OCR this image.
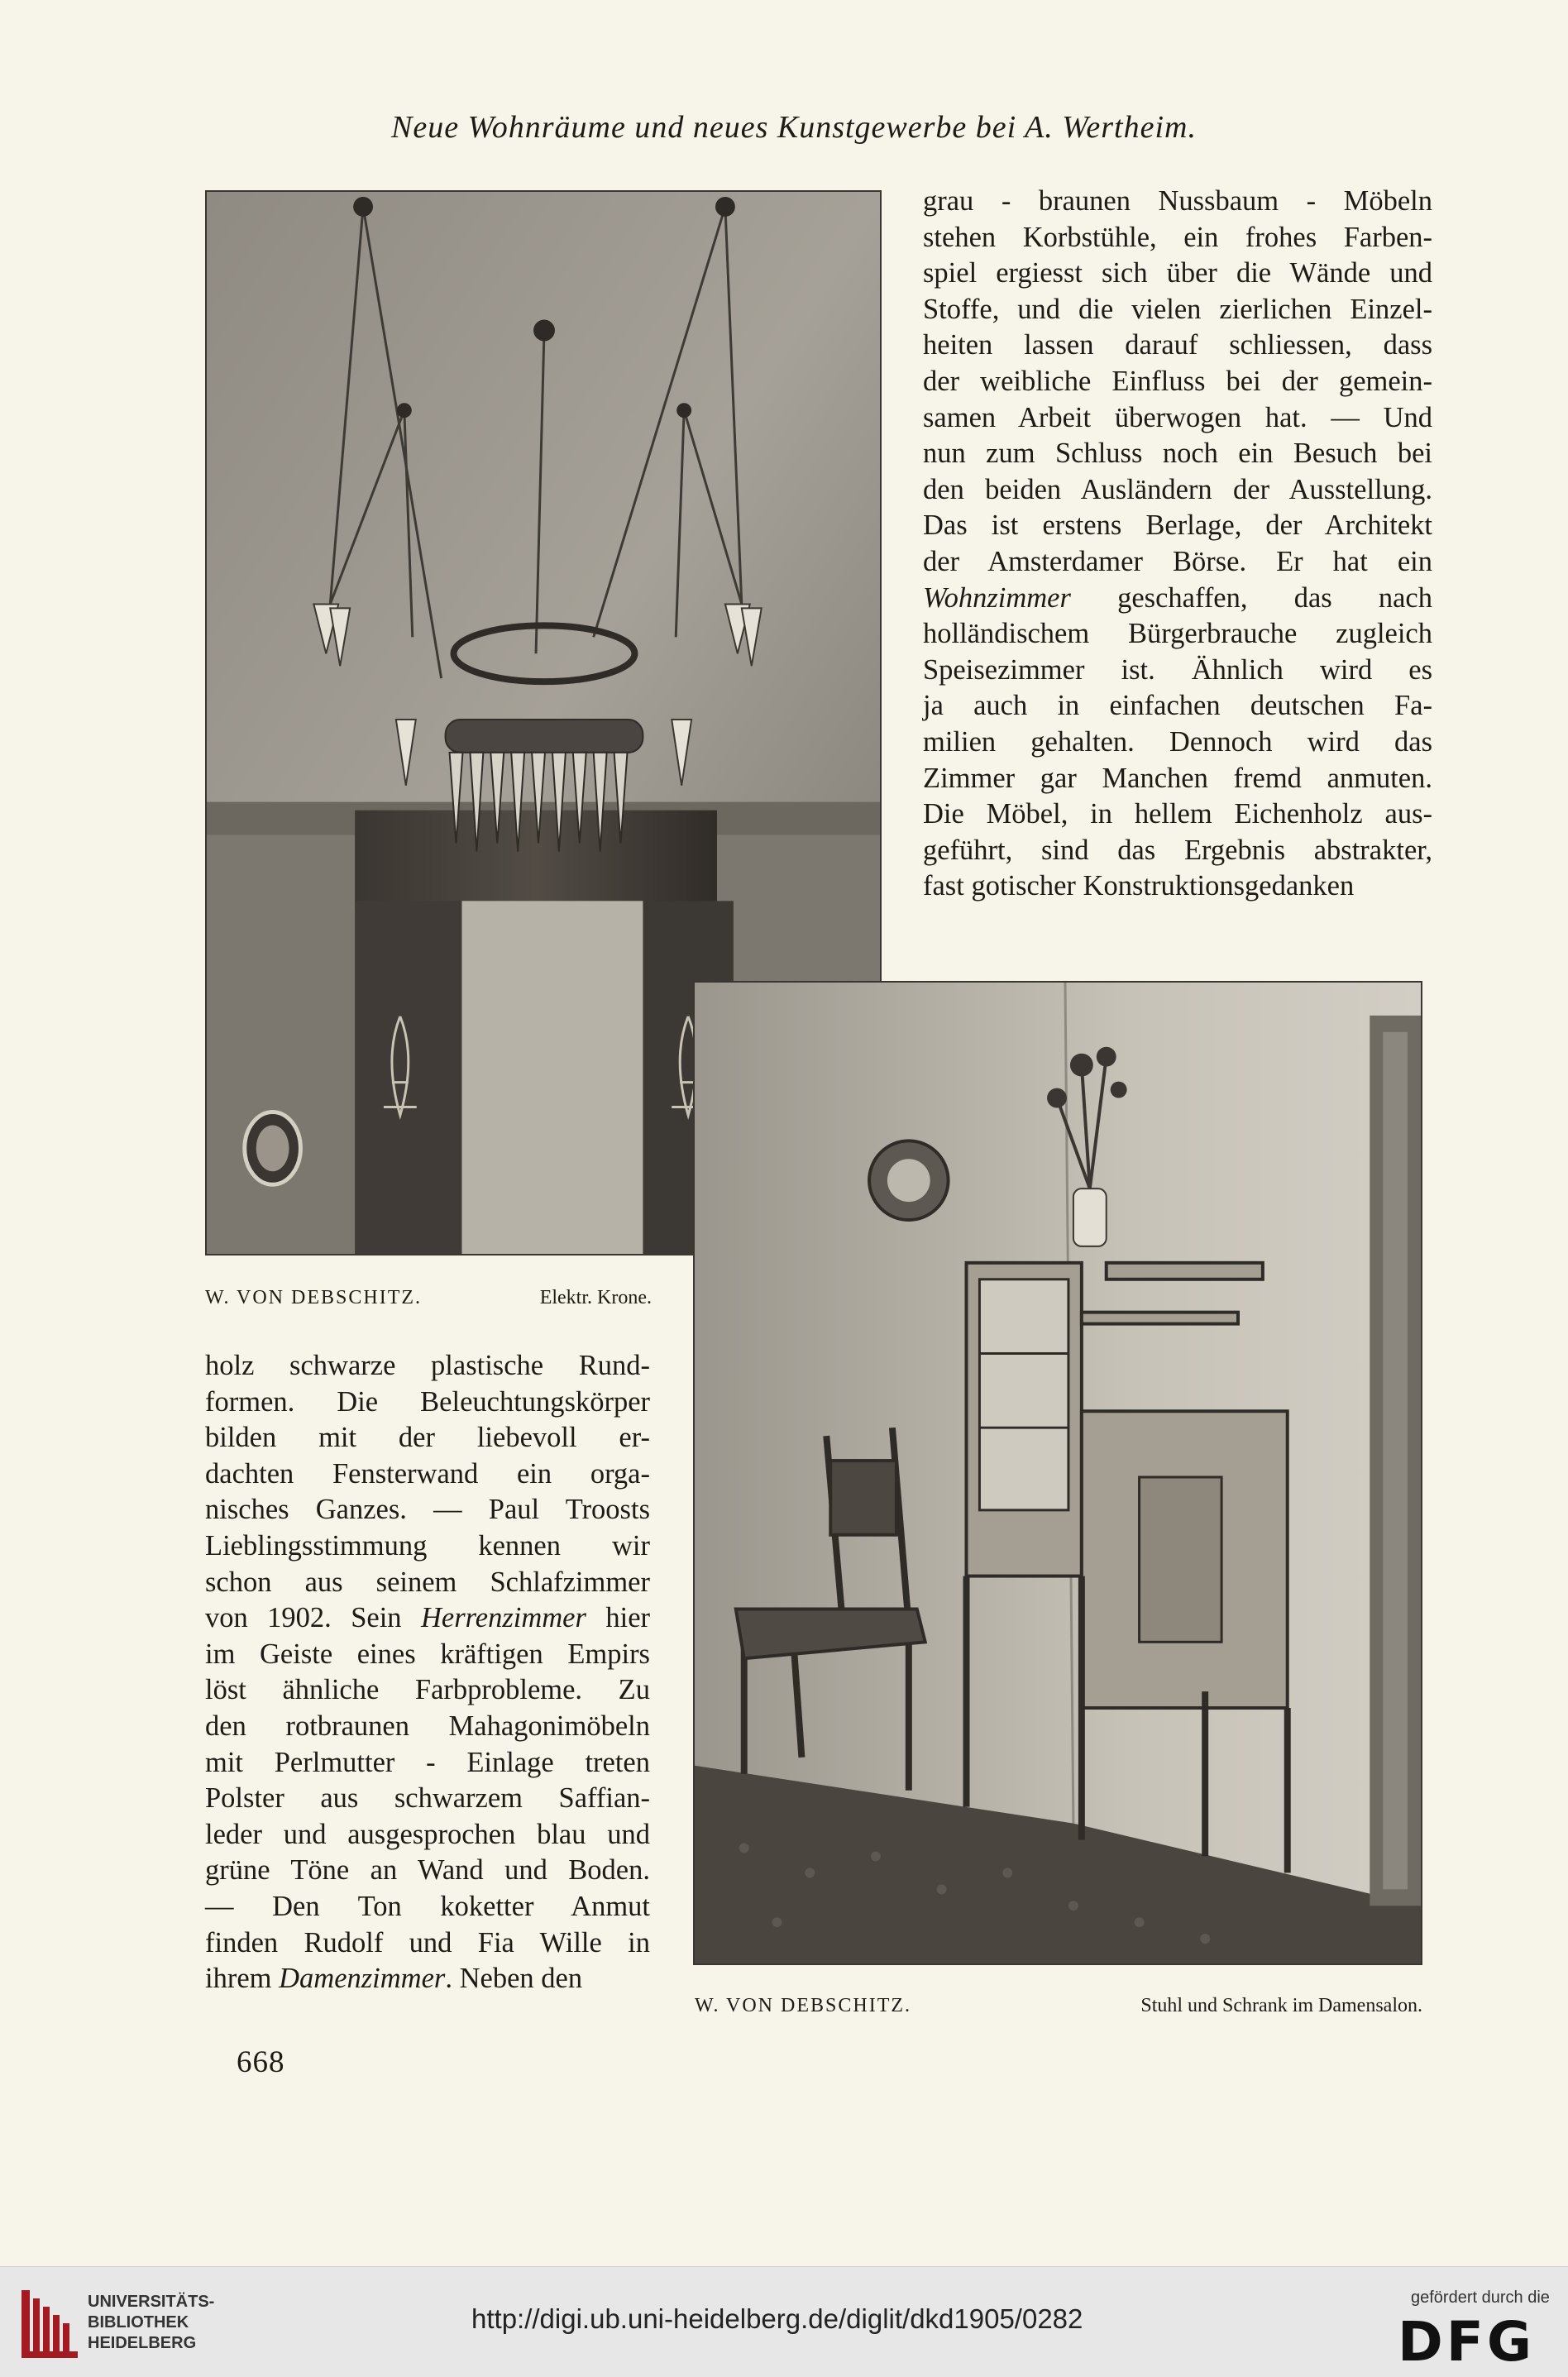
Neue Wohnräume und neues Kunstgewerbe bei A. Wertheim.
W. VON DEBSCHITZ.	Elektr. Krone.
grau - braunen Nussbaum - Möbeln
stehen Korbstühle, ein frohes Farben-
spiel ergiesst sich über die Wände und
Stoffe, und die vielen zierlichen Einzel-
heiten lassen darauf schliessen, dass
der weibliche Einfluss bei der gemein-
samen Arbeit überwogen hat. — Und
nun zum Schluss noch ein Besuch bei
den beiden Ausländern der Ausstellung.
Das ist erstens Berlage, der Architekt
der Amsterdamer Börse. Er hat ein
Wohnzimmer geschaffen, das nach
holländischem Bürgerbrauche zugleich
Speisezimmer ist. Ähnlich wird es
ja auch in einfachen deutschen Fa-
milien gehalten. Dennoch wird das
Zimmer gar Manchen fremd anmuten.
Die Möbel, in hellem Eichenholz aus-
geführt, sind das Ergebnis abstrakter,
fast gotischer Konstruktionsgedanken
W. VON DEBSCHITZ.	Stuhl und Schrank im Damensalon.
holz schwarze plastische Rund-
formen. Die Beleuchtungskörper
bilden mit der liebevoll er-
dachten Fensterwand ein orga-
nisches Ganzes. — Paul Troosts
Lieblingsstimmung kennen wir
schon aus seinem Schlafzimmer
von 1902. Sein Herrenzimmer hier
im Geiste eines kräftigen Empirs
löst ähnliche Farbprobleme. Zu
den rotbraunen Mahagonimöbeln
mit Perlmutter - Einlage treten
Polster aus schwarzem Saffian-
leder und ausgesprochen blau und
grüne Töne an Wand und Boden.
— Den Ton koketter Anmut
finden Rudolf und Fia Wille in
ihrem Damenzimmer. Neben den
668
UNIVERSITÄTS-
BIBLIOTHEK
HEIDELBERG
http://digi.ub.uni-heidelberg.de/diglit/dkd1905/0282
gefördert durch die
DFG
